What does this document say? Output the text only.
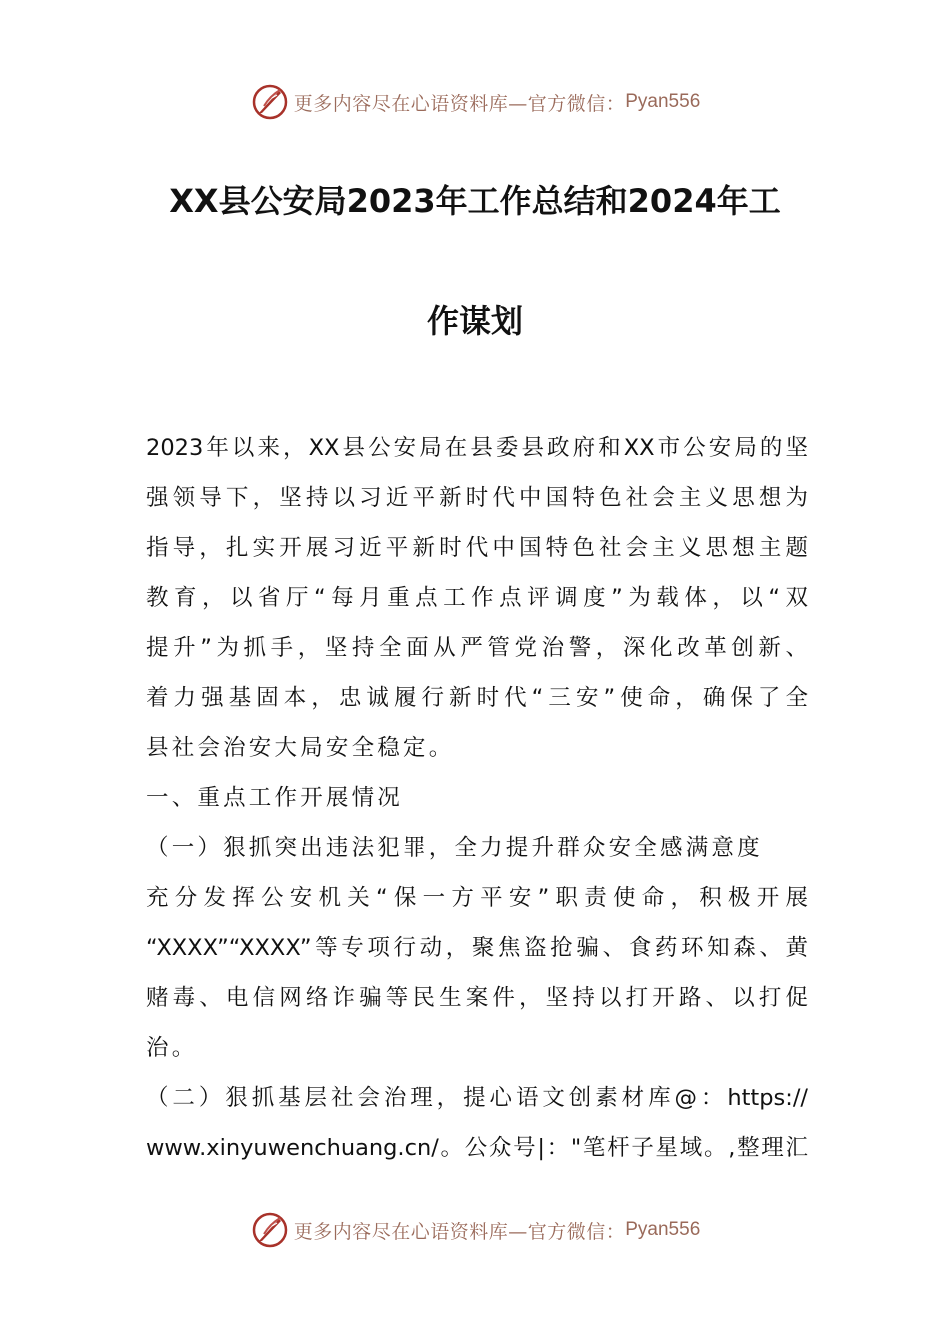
更多内容尽在心语资料库—官方微信： Pyan556
XX县公安局2023年工作总结和2024年工
作谋划
2023年以来，XX县公安局在县委县政府和XX市公安局的坚
强领导下，坚持以习近平新时代中国特色社会主义思想为
指导，扎实开展习近平新时代中国特色社会主义思想主题
教育，以省厅“每月重点工作点评调度”为载体，以“双
提升”为抓手，坚持全面从严管党治警，深化改革创新、
着力强基固本，忠诚履行新时代“三安”使命，确保了全
县社会治安大局安全稳定。
一、重点工作开展情况
（一）狠抓突出违法犯罪，全力提升群众安全感满意度
充分发挥公安机关“保一方平安”职责使命，积极开展
“XXXX”“XXXX”等专项行动，聚焦盗抢骗、食药环知森、黄
赌毒、电信网络诈骗等民生案件，坚持以打开路、以打促
治。
（二）狠抓基层社会治理，提心语文创素材库@：https://
www.xinyuwenchuang.cn/。公众号|："笔杆子星域。,整理汇
更多内容尽在心语资料库—官方微信： Pyan556
